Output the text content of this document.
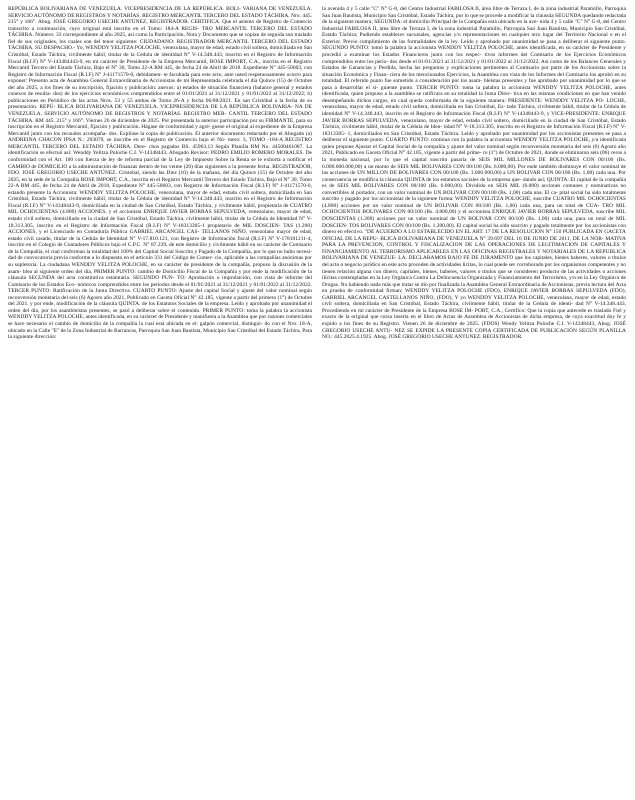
REPÚBLICA BOLIVARIANA DE VENEZUELA. VICEPRESIDENCIA DE LA REPÚBLICA. BOLI- VARIANA DE VENEZUELA. SERVICIO AUTÓNOMO DE REGISTROS Y NOTARÍAS. REGISTRO MERCANTIL TERCERO DEL ESTADO TÁCHIRA. Nro. 445. 215° y 166°. Abog. JOSÉ GREGORIO USECHE ANTÚNEZ, REGISTRADOR. CERTIFICA. Que el asiento de Registro de Comercio transcrito a continuación, cuyo original está inscrito en el Tomo: 184-A REGIS- TRO MERCANTIL TERCERO DEL ESTADO TÁCHIRA. Número: 33 correspondiente al año 2025, así como la Participación, Nota y Documento que se copian de seguida son traslado fiel de sus originales, los cuales son del tenor siguiente: CIUDADANO: REGISTRADOR MERCANTIL TERCERO DEL ESTADO TÁCHIRA. SU DESPACHO.- Yo, WENDDY YELITZA POLOCHE, venezolana, mayor de edad, estado civil soltera, domiciliada en San Cristóbal, Estado Táchira, civilmente hábil, titular de la Cédula de identidad N° V-14.348.443, inscrito en el Registro de Información Fiscal (R.I.F) N° V-143484443-9, en mi carácter de Presidente de la Empresa Mercantil, BOSE IMPORT, C.A., inscrita en el Registro Mercantil Tercero del Estado Táchira, Bajo el N° 30, Tomo 22-A RM 445, de fecha 24 de Abril de 2018. Expediente N° 445-50603, con Registro de Información Fiscal (R.I.F) N° J-41171570-0, debidamen- te facultada para este acto, ante usted respetuosamente ocurro para exponer: Presento acta de Asamblea General Extraordinaria de Accionistas de mi Representada celebrada el día Quince (15) de Octubre del año 2025, a los fines de su inscripción, fijación y publicación: anexos: a) estados de situación financiera (balance general y estados conexos de resulta- dos) de los ejercicios económicos comprendidos entre el 01/01/2021 al 31/12/2021 y 01/01/2022 al 31/12/2022; b) publicaciones en Periódico de las actas Nros. 53 y 55 ambas de Tomo 26-A y fecha 06/08/2021. En san Cristóbal a la fecha de su presentación. REPÚ- BLICA BOLIVARIANA DE VENEZUELA. VICEPRESIDENCIA DE LA REPÚBLICA BOLIVARIA- NA DE VENEZUELA. SERVICIO AUTÓNOMO DE REGISTROS Y NOTARÍAS. REGISTRO MER- CANTIL TERCERO DEL ESTADO TÁCHIRA. RM 445. 215° y 166°. Viernes 26 de diciembre de 2025. Por presentada la anterior participación por su FIRMANTE, para su inscripción en el Registro Mercantil, fíjación y publicación. Hágase de conformidad y agré- guese el original al expediente de la Empresa Mercantil junto con los recaudos acompaña- dos. Explíase la copia de publicación. El anterior documento redactado por el Abogado (a) ANDREINA CHACON IPSA N.: 293070, se inscribe en el Registro de Comercio bajo el Nú- mero: 3, TOMO -184-A REGISTRO MERCANTIL TERCERO DEL ESTADO TÁCHIRA. Dere- chos pagados BS. 45963,13 Según Planilla RM No. 44500461087. La identificación se efectuó así: Wenddy Yelitza Poloche C.I. V-14348443. Abogado Revisor: PEDRO EMILIO ROMERO MORALES. De conformidad con el Art. 100 con fuerza de ley de reforma parcial de la Ley de Impuesto Sobre la Renta se le exhorta a notificar el CAMBIO de DOMICILIO a la administración de finanzas dentro de los veinte (20) días siguientes a la presente fecha. REGISTRADOR, FDO. JOSÉ GREGORIO USECHE ANTÚNEZ. Cristobal, siendo las Diez (10) de la mañana, del día Quince (15) de Octubre del año 2025, en la sede de la Compañía BOSE IMPORT, C.A., inscrita en el Registro Mercantil Tercero del Estado Táchira, Bajo el N° 30, Tomo 22-A RM 445, de fecha 24 de Abril de 2018, Expediente N° 445-50603, con Registro de Información Fiscal (R.I.F) N° J-41171570-0, estando presente la Accionista: WENDDY YELITZA POLOCHE, venezolana, mayor de edad, estado civil soltera, domiciliada en San Cristóbal, Estado Táchira, civilmente hábil, titular de la Cédula de identidad N° V-14.348.443, inscrito en el Registro de Información Fiscal (R.I.F) N° V-14348443-9, domiciliada en la ciudad de San Cristóbal, Estado Táchira, y civilmente hábil, propietaria de CUATRO MIL OCHOCIENTAS (4.800) ACCIONES, y el accionista ENRIQUE JAVIER BORRAS SEPULVEDA, venezolano, mayor de edad, estado civil soltero, domiciliado en la ciudad de San Cristóbal, Estado Táchira, civilmente hábil, titular de la Cédula de Identidad N° V-18.313.305, inscrito en el Registro de Información Fiscal (R.I.F) N° V-18313305-1 propietario de MIL DOSCIEN- TAS (1.200) ACCIONES, y el Licenciado en Contaduría Pública GABRIEL ARCANGEL CAS- TELLANOS NIÑO, venezolano mayor de edad, estado civil casado, titular de la Cedula de Identidad N° V-17.810.121, con Registro de Información fiscal (R.I.F) N° V-178101211-4, inscrito en el Colegio de Contadores Públicos bajo el C.P.C. N° 87.239, de este domicilio y civilmente hábil en su carácter de Comisario de la Compañía, el cual conforman la totalidad del 100% del Capital Social Suscrito y Pagado de la Compañía, por lo que no hubo necesi- dad de convocatoria previa conforme a lo dispuesto en el artículo 331 del Código de Comer- cio, aplicable a las compañías anónimas por su supletoria. La ciudadana WENDDY YELITZA POLOCHE, en su carácter de presidente de la compañía, propuso la discusión de la asam- blea al siguiente orden del día, PRIMER PUNTO: cambio de Domicilio Fiscal de la Compañía y por ende la modificación de la cláusula SEGUNDA del acta constitutiva estatutaria. SEGUNDO PUN- TO: Aprobación o improbación, con vista de informe del Comisario de los Estados Eco- nómicos comprendidos entre los períodos desde el 01/01/2021 al 31/12/2021 y 01/01/2022 al 31/12/2022. TERCER PUNTO: Ratificación de la Junta Directiva. CUARTO PUNTO: Ajuste del capital Social y ajuste del valor nominal según reconversión monetaria del seis (6) Agosto año 2021, Publicado en Gaceta Oficial N° 42.185, vigente a partir del primero (1°) de Octubre del 2021. y por ende, modificación de la cláusula QUINTA. de los Estatutos Sociales de la empresa. Leído y aprobado por unanimidad el orden del día, por los asambleístas presentes, se pasó a deliberar sobre el contenido. PRIMER PUNTO: toma la palabra la accionista WENDDY YELITZA POLOCHE, antes identificada, en su carácter de Presidente y manifiesta a la Asamblea que por razones comerciales se hace necesario el cambio de domicilio de la compañía la cual está ubicada en el: galpón comercial, distingui- do con el Nro. 18-A, ubicado en la Calle "E" de la Zona Industrial de Barrancas, Parroquia San Juan Bautista, Municipio San Cristóbal del Estado Táchira, Para la siguiente dirección:

la avenida 4 y 5 calle "C" N° G-8, del Centro Industrial FABILOSA II, área libre de Terraza I, de la zona industrial Paramillo, Parroquia San Juan Bautista, Municipio San Cristóbal, Estado Táchira, por lo que se procede a modificar la cláusula SEGUNDA quedando redactada de la siguiente manera; SEGUNDA: el domicilio Principal de la Compañía está ubicado en la ave- nida 4 y 5 calle "C" N° G-8, del Centro Industrial FABILOSA II, área libre de Terraza I, de la zona industrial Paramillo, Parroquia San Juan Bautista, Municipio San Cristóbal, Estado Táchira; Pudiendo establecer sucursales, agencias y/o representaciones en cualquier otro lugar del Territorio Nacional o en el Exterior. Previo cumplimiento de las formalidades de la ley. Leído y aprobado por unanimidad se pasa a deliberar el siguiente punto. SEGUNDO PUNTO: tomó la palabra la accionista WENDDY YELITZA POLOCHE, antes identificada, en su carácter de Presidente y procedió a examinar los Estados Financieros junto con los respec- tivos informes del Comisario de los Ejercicios Económicos comprendidos entre los perío- dos desde el 01/01/2021 al 31/12/2021 y 01/01/2022 al 31/12/2022. Así como de los Balances Generales y Estados de Ganancias y Perdida, hecha las preguntas y explicaciones pertinentes al Comisario por parte de los Accionistas sobre la situación Económica y Finan- ciera de los mencionados Ejercicios, la Asamblea con vista de los Informes del Comisario los aprobó en su totalidad. El referido punto fue sometido a consideración por los asam- bleístas presentes y fue aprobado por unanimidad por lo que se pasa a desarrollar el si- guiente punto. TERCER PUNTO: toma la palabra la accionista WENDDY YELITZA POLOCHE, antes identificada, quien propuso a la asamblea se ratificara en su totalidad la Junta Direc- tiva en las mismas condiciones en que han venido desempeñando dichos cargos, en cual queda conformada de la siguiente manera: PRESIDENTE: WENDDY YELITZA PO- LOCHE, venezolana, mayor de edad, estado civil soltera, domiciliada en San Cristóbal, Es- tado Táchira, civilmente hábil, titular de la Cédula de identidad N° V-14.348.443, inscrito en el Registro de Información Fiscal (R.I.F) N° V-14348443-9, y VICE-PRESIDENTE: ENRIQUE JAVIER BORRAS SEPULVEDA, venezolano, mayor de edad, estado civil soltero, domiciliado en la ciudad de San Cristóbal, Estado Táchira, civilmente hábil, titular de la Cédula de Iden- tidad N° V-18.313.305, inscrito en el Registro de Información Fiscal (R.I.F) N° V-18313305- 1, domiciliados en San Cristóbal, Estado Táchira. Leído y aprobado por unanimidad por los accionistas presentes se pasa a deliberar el siguiente punto. CUARTO PUNTO: continua con la palabra la accionista WENDDY YELITZA POLOCHE, y/a identificada quien propone Ajustar el Capital Social de la compañía y ajuste del valor nominal según reconversión monetaria del seis (6) Agosto año 2021, Publicado en Gaceta Oficial N° 42.185, vigente a partir del prime- ro (1°) de Octubre de 2021, donde se eliminaron seis (06) ceros a la moneda nacional, por lo que el capital suscrito pasaría de SEIS MIL MILLONES DE BOLIVARES CON 00/100 (Bs. 6.000.000.000,00) a un monto de SEIS MIL BOLIVARES CON 00/100 (Bs. 6.000,00). Por ende también disminuye el valor nominal de las acciones de UN MILLON DE BOLIVARES CON 00/100 (Bs. 1.000.000,00) a UN BOLIVAR CON 00/100 (Bs. 1,00) cada una. Por consecuencia se modifica la cláusula QUINTA de los estatutos sociales de la empresa que- dando así; QUINTA: El capital de la compañía es de SEIS MIL BOLIVARES CON 00/100 (Bs. 6.000,00). Dividido en SEIS MIL (6.000) acciones comunes y nominativas no convertibles al portador, con un valor nominal de UN BOLIVAR CON 00/100 (Bs. 1,00) cada una. El ca- pital social ha sido totalmente suscrito y pagado por los accionistas de la siguiente forma: WENDDY YELITZA POLOCHE, suscribe CUATRO MIL OCHOCIENTAS (4.800) acciones por un valor nominal de UN BOLIVAR CON 00/100 (Bs. 1,00) cada una, para un total de CUA- TRO MIL OCHOCIENTOS BOLIVARES CON 00/100 (Bs. 4.800,00) y el accionista ENRIQUE JAVIER BORRAS SEPULVEDA, suscribe MIL DOSCIENTAS (1.200) acciones por un valor nominal de UN BOLIVAR CON 00/100 (Bs. 1,00) cada una, para un total de MIL DOSCIEN- TOS BOLIVARES CON 00/100 (Bs. 1.200,00). El capital social ha sido suscrito y pagado totalmente por los accionistas con dinero en efectivo. "DE ACUERDO A LO ESTABLECIDO EN EL ART. 17 DE LA RESOLUCION N° 150 PUBLICADA EN GACETA OFICIAL DE LA REPU- BLICA BOLIVARIANA DE VENEZUELA N° 39.697 DEL 16 DE JUNIO DE 2011, DE LA NOR- MATIVA PARA LA PREVENCION, CONTROL Y FISCALIZACION DE LAS OPERACIONES DE LEGITIMACION DE CAPITALES Y FINANCIAMIENTO AL TERRORISMO APLICABLES EN LAS OFICINAS REGISTRALES Y NOTARIALES DE LA REPUBLICA BOLIVARIANA DE VENEZUE- LA. DECLARAMOS BAJO FE DE JURAMENTO que los capitales, bienes haberes, valores o títulos del acto o negocio jurídico en este acto proceden de actividades licitas, lo cual puede ser corroborado por los organismos competentes y no tienen relación alguna con dinero, capitales, bienes, haberes, valores o títulos que se consideren producto de las actividades o acciones ilícitas contempladas en la Ley Orgánica Contra La Delincuencia Organizada y Financiamiento del Terrorismo, y/o en la Ley Orgánica de Drogas. No habiendo nada más que tratar se dio por finalizada la Asamblea General Extraordinaria de Accionistas, previa lectura del Acta en prueba de conformidad firman: WENDDY YELITZA POLOCHE (FDO), ENRIQUE JAVIER BORRAS SEPULVEDA (FDO), GABRIEL ARCANGEL CASTELLANOS NIÑO, (FDO), Y yo WENDDY YELITZA POLOCHE, venezolana, mayor de edad, estado civil soltera, domiciliada en San Cristóbal, Estado Táchira, civilmente hábil, titular de la Cédula de identi- dad N° V-14.348.443, Procediendo en mi carácter de Presidente de la Empresa BOSE IM- PORT, C.A., Certifico: Que la copia que antecede es traslado Fiel y exacto de la original que cursa inserta en el libro de Actas de Asamblea de Accionistas de dicha empresa, de cuya exactitud doy fe y expido a los fines de su Registro. Vienen 26 de diciembre de 2025. (FDOS) Wendy Yelitza Poloche C.I. V-14348443, Abog. JOSÉ GREGORIO USECHE ANTU- NEZ SE EXPIDE LA PRESENTE COPIA CERTIFICADA DE PUBLICACIÓN SEGÚN PLANILLA NO.: 445.2025.4.1925. Abog. JOSÉ GREGORIO USECHE ANTUNEZ. REGISTRADOR.
